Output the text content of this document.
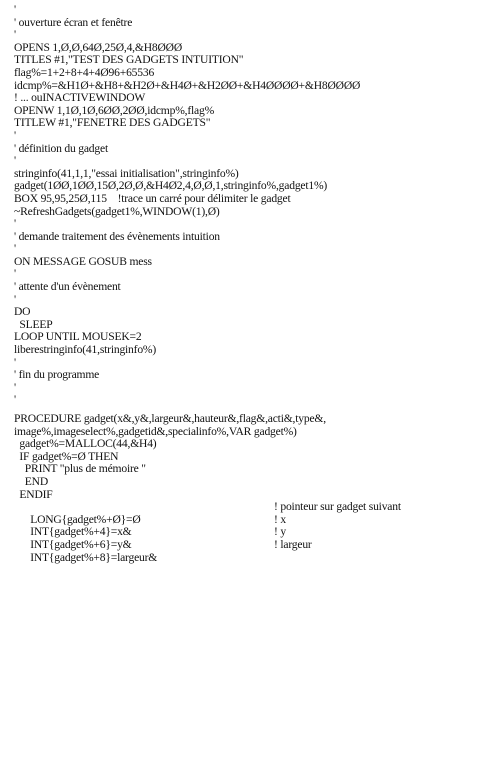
'
' ouverture écran et fenêtre
'
OPENS 1,Ø,Ø,64Ø,25Ø,4,&H8ØØØ
TITLES #1,"TEST DES GADGETS INTUITION"
flag%=1+2+8+4+4Ø96+65536
idcmp%=&H1Ø+&H8+&H2Ø+&H4Ø+&H2ØØ+&H4ØØØØ+&H8ØØØØ
! ... ouINACTIVEWINDOW
OPENW 1,1Ø,1Ø,6ØØ,2ØØ,idcmp%,flag%
TITLEW #1,"FENETRE DES GADGETS"
'
' définition du gadget
'
stringinfo(41,1,1,"essai initialisation",stringinfo%)
gadget(1ØØ,1ØØ,15Ø,2Ø,Ø,&H4Ø2,4,Ø,Ø,1,stringinfo%,gadget1%)
BOX 95,95,25Ø,115    !trace un carré pour délimiter le gadget
~RefreshGadgets(gadget1%,WINDOW(1),Ø)
'
' demande traitement des évènements intuition
'
ON MESSAGE GOSUB mess
'
' attente d'un évènement
'
DO
SLEEP
LOOP UNTIL MOUSEK=2
liberestringinfo(41,stringinfo%)
'
' fin du programme
'
'
PROCEDURE gadget(x&,y&,largeur&,hauteur&,flag&,acti&,type&,
image%,imageselect%,gadgetid&,specialinfo%,VAR gadget%)
gadget%=MALLOC(44,&H4)
IF gadget%=Ø THEN
PRINT "plus de mémoire "
END
ENDIF

LONG{gadget%+Ø}=Ø
! pointeur sur gadget suivant

INT{gadget%+4}=x&
! x

INT{gadget%+6}=y&
! y

INT{gadget%+8}=largeur&
! largeur
